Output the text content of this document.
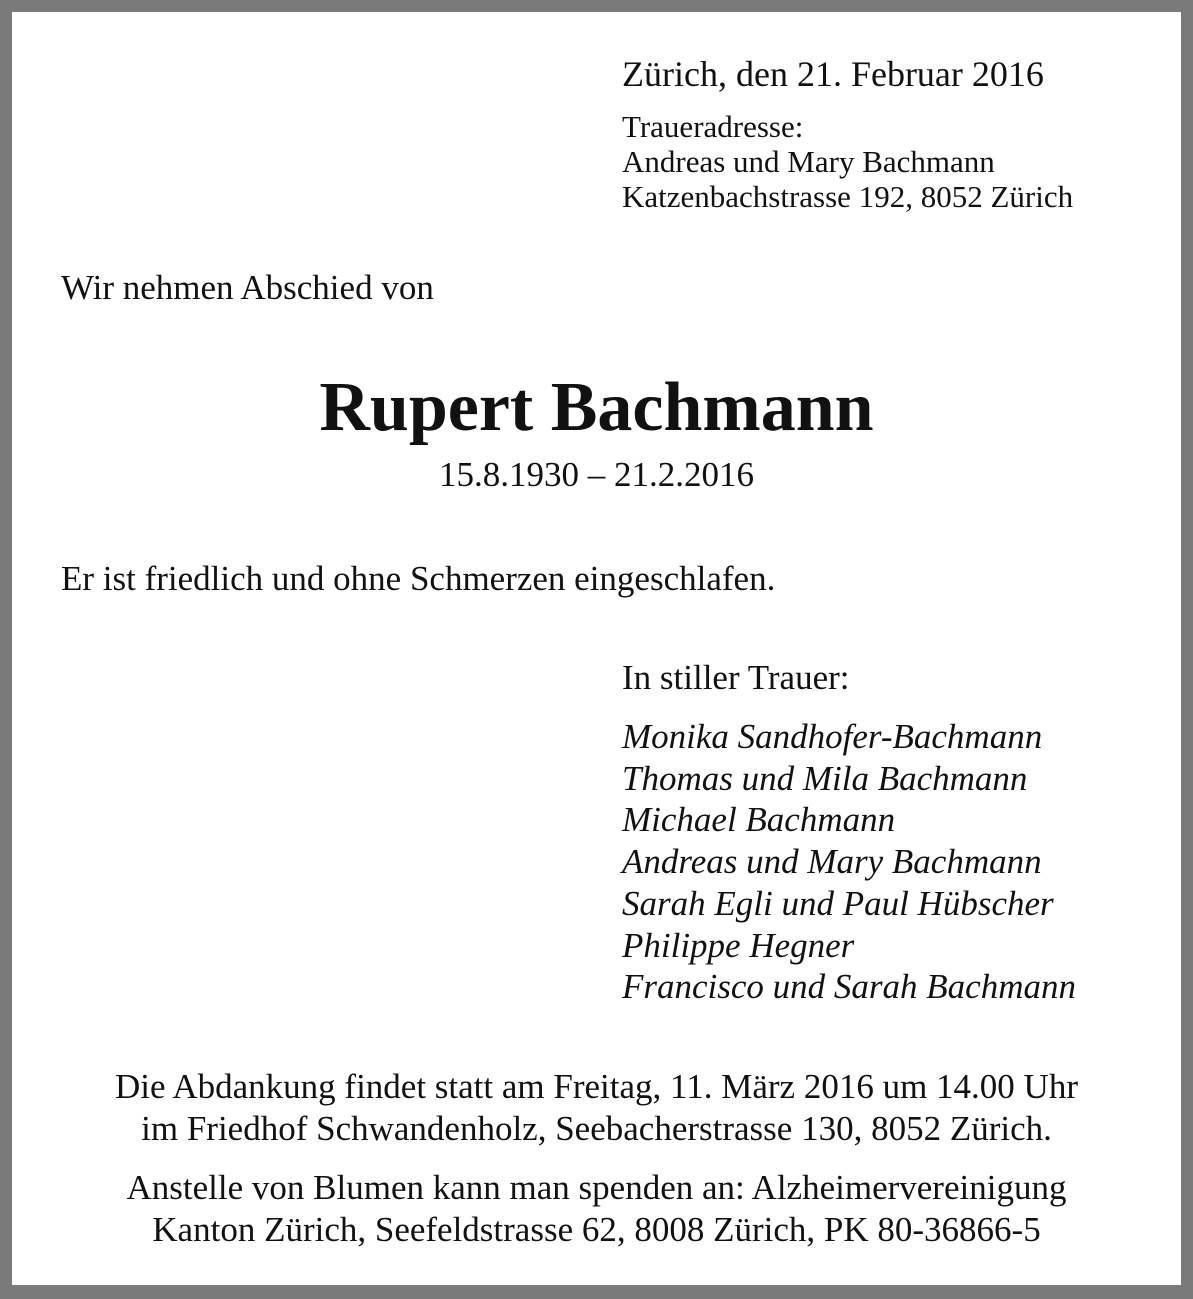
Zürich, den 21. Februar 2016
Traueradresse:
Andreas und Mary Bachmann
Katzenbachstrasse 192, 8052 Zürich
Wir nehmen Abschied von
Rupert Bachmann
15.8.1930 – 21.2.2016
Er ist friedlich und ohne Schmerzen eingeschlafen.
In stiller Trauer:
Monika Sandhofer-Bachmann
Thomas und Mila Bachmann
Michael Bachmann
Andreas und Mary Bachmann
Sarah Egli und Paul Hübscher
Philippe Hegner
Francisco und Sarah Bachmann
Die Abdankung findet statt am Freitag, 11. März 2016 um 14.00 Uhr
im Friedhof Schwandenholz, Seebacherstrasse 130, 8052 Zürich.
Anstelle von Blumen kann man spenden an: Alzheimervereinigung
Kanton Zürich, Seefeldstrasse 62, 8008 Zürich, PK 80-36866-5
